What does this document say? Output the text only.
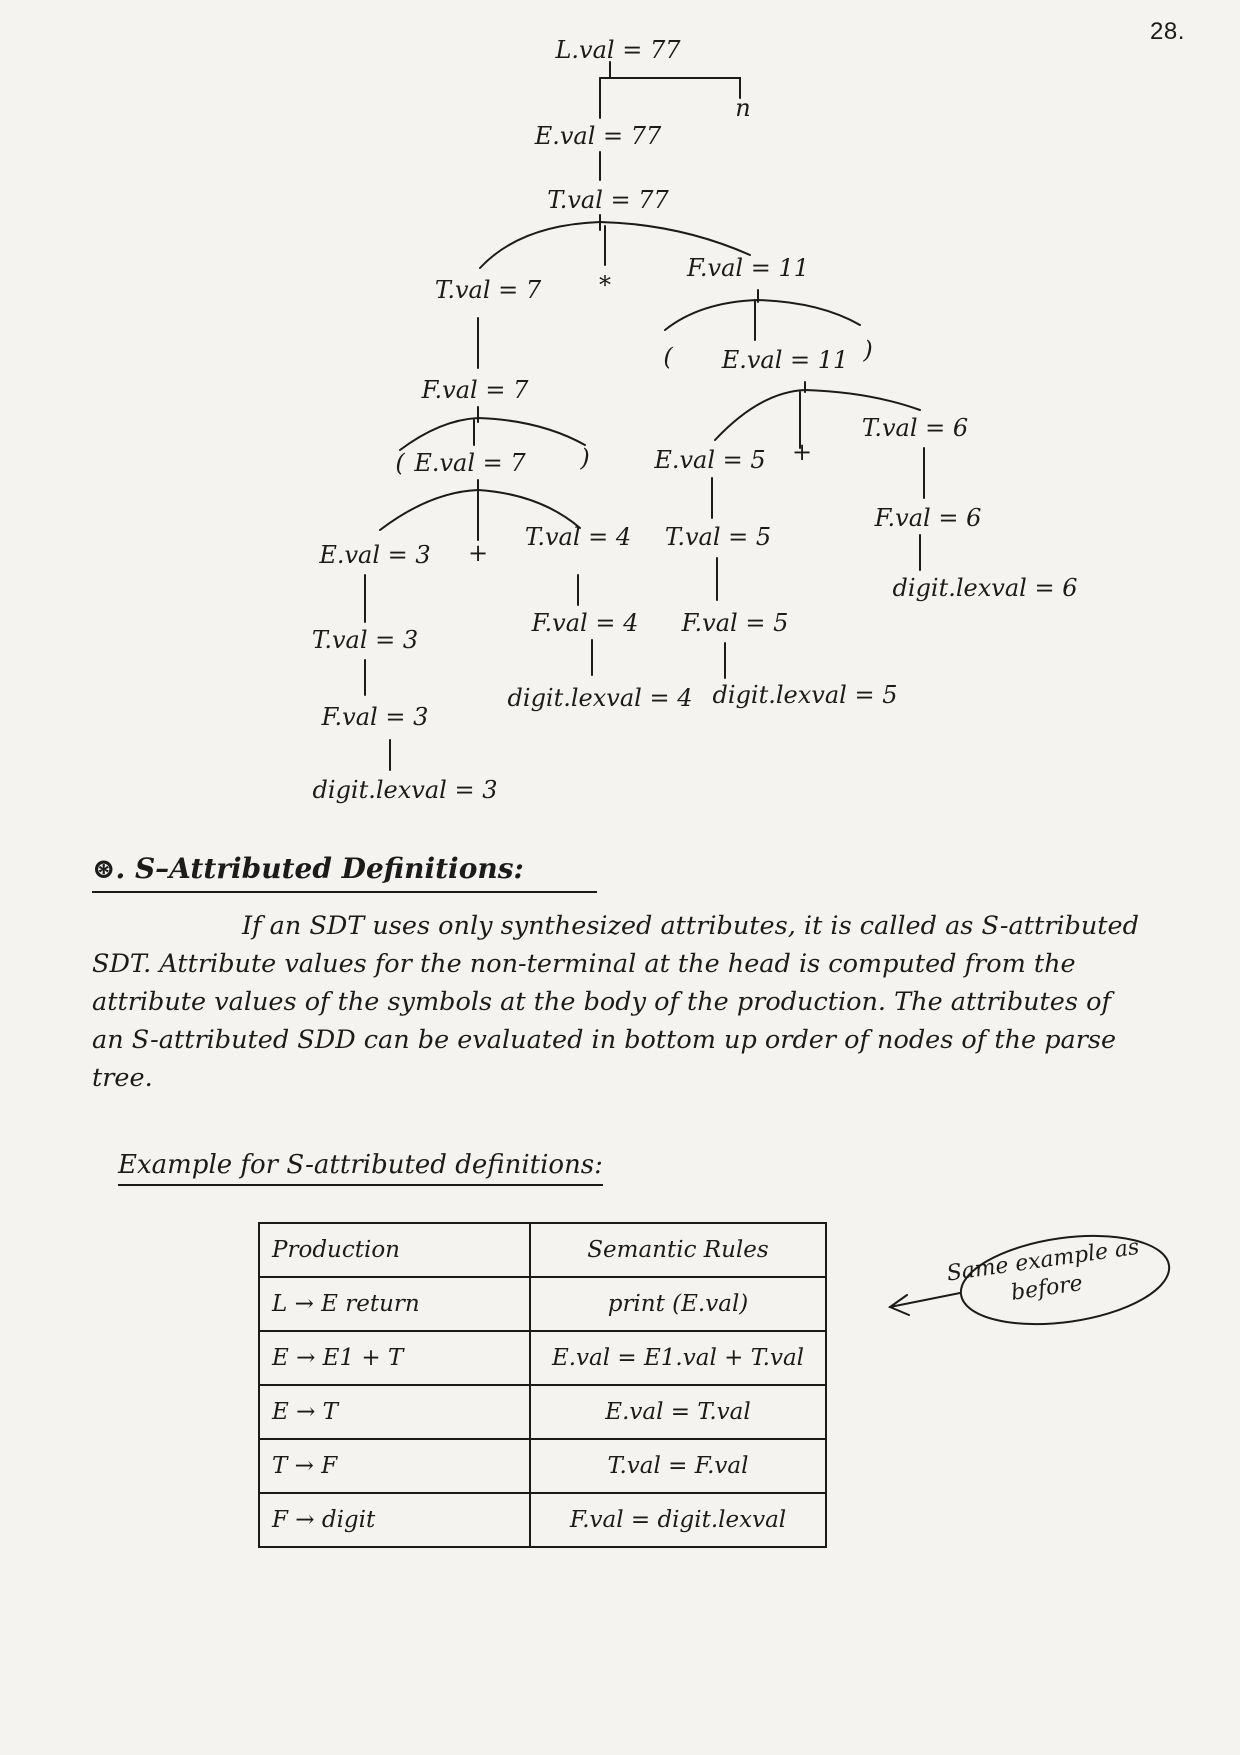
28.
L.val = 77
n
E.val = 77
T.val = 77
T.val = 7 *
F.val = 11
F.val = 7
( E.val = 11 )
( E.val = 7 )	E.val = 5 +
T.val = 6
E.val = 3 +
T.val = 4 T.val = 5
F.val = 6
T.val = 3
F.val = 4 F.val = 5
digit.lexval = 6
F.val = 3
digit.lexval = 4 digit.lexval = 5
digit.lexval = 3
⊛. S–Attributed Definitions:

If an SDT uses only synthesized attributes, it is called as S-attributed SDT. Attribute values for the non-terminal at the head is computed from the attribute values of the symbols at the body of the production. The attributes of an S-attributed SDD can be evaluated in bottom up order of nodes of the parse tree.

Example for S-attributed definitions:
Production	Semantic Rules
L → E return	print (E.val)
E → E1 + T	E.val = E1.val + T.val
E → T	E.val = T.val
T → F	T.val = F.val
F → digit	F.val = digit.lexval
Same example as before
